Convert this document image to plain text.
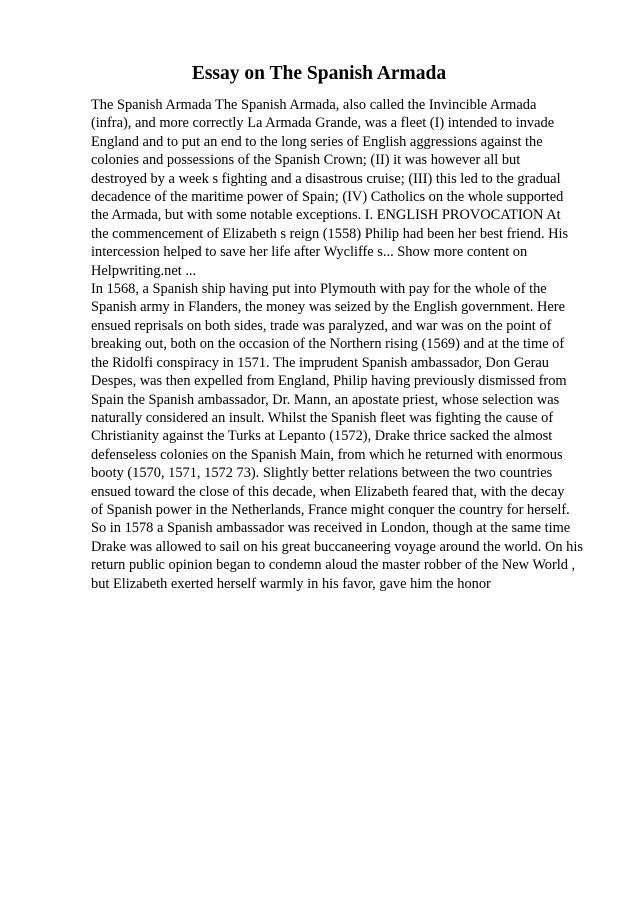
Essay on The Spanish Armada
The Spanish Armada The Spanish Armada, also called the Invincible Armada
(infra), and more correctly La Armada Grande, was a fleet (I) intended to invade
England and to put an end to the long series of English aggressions against the
colonies and possessions of the Spanish Crown; (II) it was however all but
destroyed by a week s fighting and a disastrous cruise; (III) this led to the gradual
decadence of the maritime power of Spain; (IV) Catholics on the whole supported
the Armada, but with some notable exceptions. I. ENGLISH PROVOCATION At
the commencement of Elizabeth s reign (1558) Philip had been her best friend. His
intercession helped to save her life after Wycliffe s... Show more content on
Helpwriting.net ...
In 1568, a Spanish ship having put into Plymouth with pay for the whole of the
Spanish army in Flanders, the money was seized by the English government. Here
ensued reprisals on both sides, trade was paralyzed, and war was on the point of
breaking out, both on the occasion of the Northern rising (1569) and at the time of
the Ridolfi conspiracy in 1571. The imprudent Spanish ambassador, Don Gerau
Despes, was then expelled from England, Philip having previously dismissed from
Spain the Spanish ambassador, Dr. Mann, an apostate priest, whose selection was
naturally considered an insult. Whilst the Spanish fleet was fighting the cause of
Christianity against the Turks at Lepanto (1572), Drake thrice sacked the almost
defenseless colonies on the Spanish Main, from which he returned with enormous
booty (1570, 1571, 1572 73). Slightly better relations between the two countries
ensued toward the close of this decade, when Elizabeth feared that, with the decay
of Spanish power in the Netherlands, France might conquer the country for herself.
So in 1578 a Spanish ambassador was received in London, though at the same time
Drake was allowed to sail on his great buccaneering voyage around the world. On his
return public opinion began to condemn aloud the master robber of the New World ,
but Elizabeth exerted herself warmly in his favor, gave him the honor
